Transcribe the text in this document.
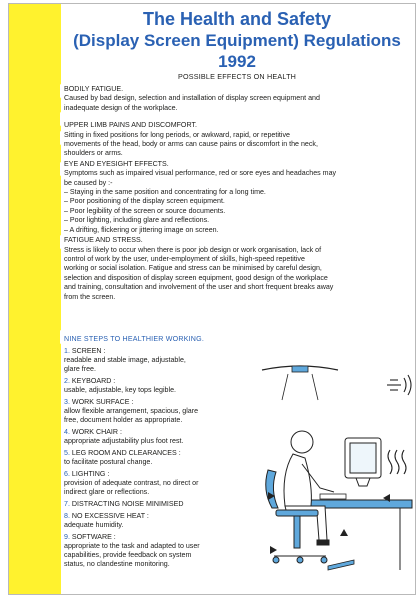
The Health and Safety
(Display Screen Equipment) Regulations 1992
POSSIBLE EFFECTS ON HEALTH
BODILY FATIGUE.

Caused by bad design, selection and installation of display screen equipment and

inadequate design of the workplace.

UPPER LIMB PAINS AND DISCOMFORT.

Sitting in fixed positions for long periods, or awkward, rapid, or repetitive

movements of the head, body or arms can cause pains or discomfort in the neck,

shoulders or arms.

EYE AND EYESIGHT EFFECTS.

Symptoms such as impaired visual performance, red or sore eyes and headaches may

be caused by :-

– Staying in the same position and concentrating for a long time.

– Poor positioning of the display screen equipment.

– Poor legibility of the screen or source documents.

– Poor lighting, including glare and reflections.

– A drifting, flickering or jittering image on screen.

FATIGUE AND STRESS.

Stress is likely to occur when there is poor job design or work organisation, lack of

control of work by the user, under-employment of skills, high-speed repetitive

working or social isolation. Fatigue and stress can be minimised by careful design,

selection and disposition of display screen equipment, good design of the workplace

and training, consultation and involvement of the user and short frequent breaks away

from the screen.

NINE STEPS TO HEALTHIER WORKING.
1. SCREEN :
readable and stable image, adjustable,
glare free.
2. KEYBOARD :
usable, adjustable, key tops legible.
3. WORK SURFACE :
allow flexible arrangement, spacious, glare
free, document holder as appropriate.
4. WORK CHAIR :
appropriate adjustability plus foot rest.
5. LEG ROOM AND CLEARANCES :
to facilitate postural change.
6. LIGHTING :
provision of adequate contrast, no direct or
indirect glare or reflections.
7. DISTRACTING NOISE MINIMISED
8. NO EXCESSIVE HEAT :
adequate humidity.
9. SOFTWARE :
appropriate to the task and adapted to user
capabilities, provide feedback on system
status, no clandestine monitoring.
